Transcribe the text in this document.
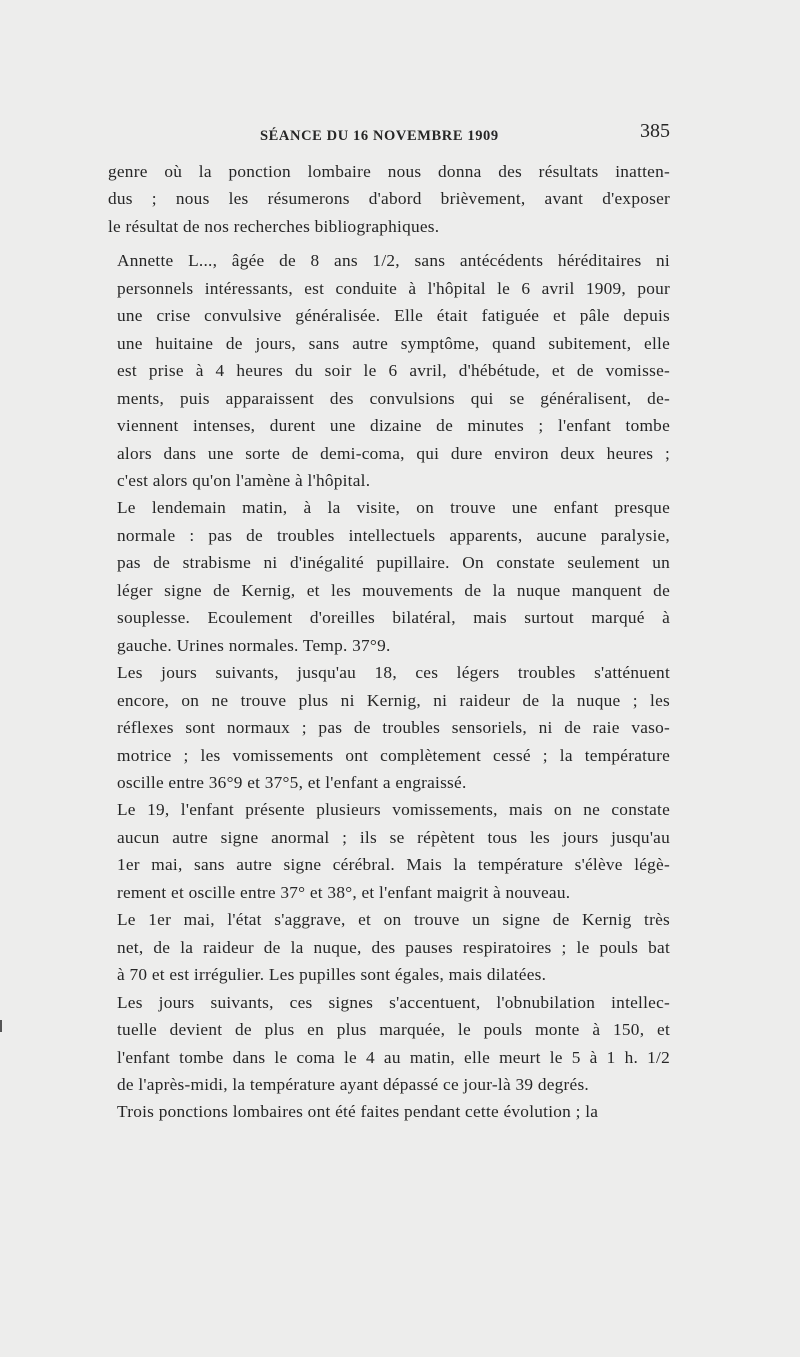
SÉANCE DU 16 NOVEMBRE 1909	385

genre où la ponction lombaire nous donna des résultats inatten-
dus ; nous les résumerons d'abord brièvement, avant d'exposer
le résultat de nos recherches bibliographiques.

Annette L..., âgée de 8 ans 1/2, sans antécédents héréditaires ni
personnels intéressants, est conduite à l'hôpital le 6 avril 1909, pour
une crise convulsive généralisée. Elle était fatiguée et pâle depuis
une huitaine de jours, sans autre symptôme, quand subitement, elle
est prise à 4 heures du soir le 6 avril, d'hébétude, et de vomisse-
ments, puis apparaissent des convulsions qui se généralisent, de-
viennent intenses, durent une dizaine de minutes ; l'enfant tombe
alors dans une sorte de demi-coma, qui dure environ deux heures ;
c'est alors qu'on l'amène à l'hôpital.

Le lendemain matin, à la visite, on trouve une enfant presque
normale : pas de troubles intellectuels apparents, aucune paralysie,
pas de strabisme ni d'inégalité pupillaire. On constate seulement un
léger signe de Kernig, et les mouvements de la nuque manquent de
souplesse. Ecoulement d'oreilles bilatéral, mais surtout marqué à
gauche. Urines normales. Temp. 37°9.

Les jours suivants, jusqu'au 18, ces légers troubles s'atténuent
encore, on ne trouve plus ni Kernig, ni raideur de la nuque ; les
réflexes sont normaux ; pas de troubles sensoriels, ni de raie vaso-
motrice ; les vomissements ont complètement cessé ; la température
oscille entre 36°9 et 37°5, et l'enfant a engraissé.

Le 19, l'enfant présente plusieurs vomissements, mais on ne constate
aucun autre signe anormal ; ils se répètent tous les jours jusqu'au
1er mai, sans autre signe cérébral. Mais la température s'élève légè-
rement et oscille entre 37° et 38°, et l'enfant maigrit à nouveau.

Le 1er mai, l'état s'aggrave, et on trouve un signe de Kernig très
net, de la raideur de la nuque, des pauses respiratoires ; le pouls bat
à 70 et est irrégulier. Les pupilles sont égales, mais dilatées.

Les jours suivants, ces signes s'accentuent, l'obnubilation intellec-
tuelle devient de plus en plus marquée, le pouls monte à 150, et
l'enfant tombe dans le coma le 4 au matin, elle meurt le 5 à 1 h. 1/2
de l'après-midi, la température ayant dépassé ce jour-là 39 degrés.

Trois ponctions lombaires ont été faites pendant cette évolution ; la
